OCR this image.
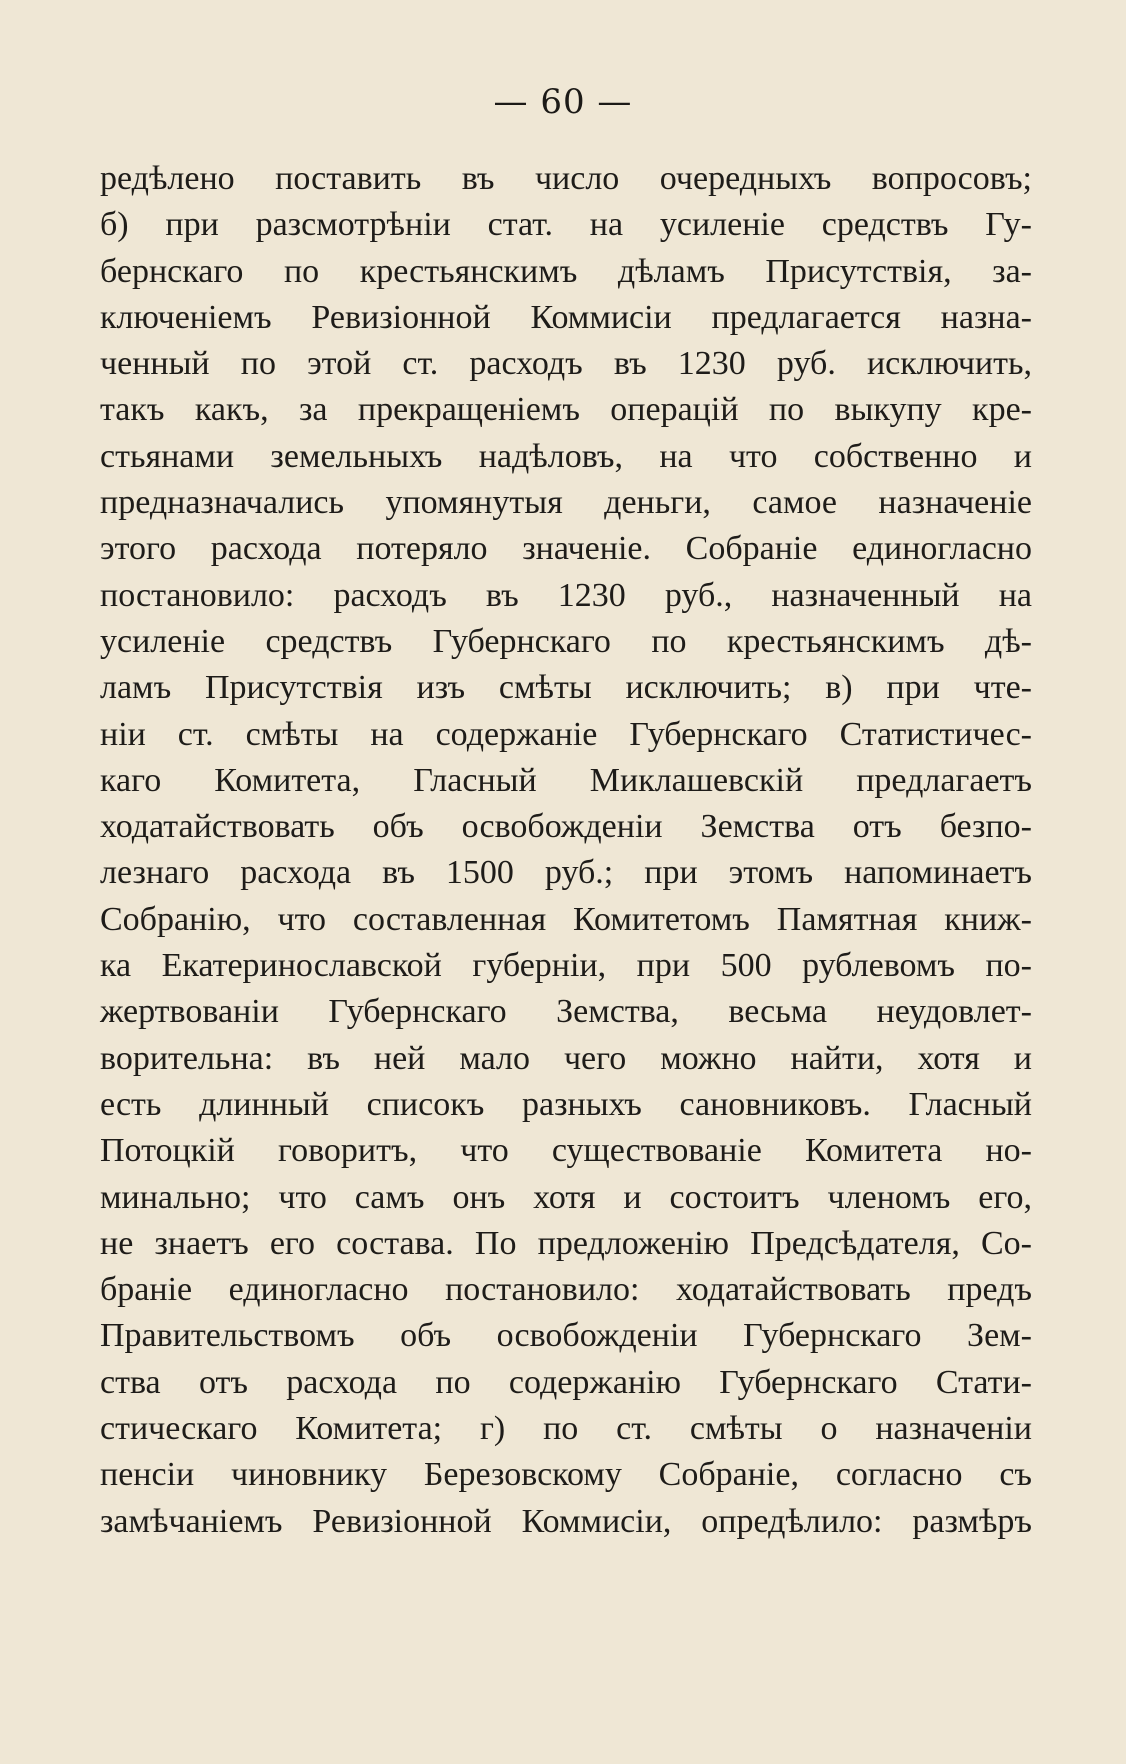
— 60 —
редѣлено поставить въ число очередныхъ вопросовъ;
б) при разсмотрѣніи стат. на усиленіе средствъ Гу-
бернскаго по крестьянскимъ дѣламъ Присутствія, за-
ключеніемъ Ревизіонной Коммисіи предлагается назна-
ченный по этой ст. расходъ въ 1230 руб. исключить,
такъ какъ, за прекращеніемъ операцій по выкупу кре-
стьянами земельныхъ надѣловъ, на что собственно и
предназначались упомянутыя деньги, самое назначеніе
этого расхода потеряло значеніе. Собраніе единогласно
постановило: расходъ въ 1230 руб., назначенный на
усиленіе средствъ Губернскаго по крестьянскимъ дѣ-
ламъ Присутствія изъ смѣты исключить; в) при чте-
ніи ст. смѣты на содержаніе Губернскаго Статистичес-
каго Комитета, Гласный Миклашевскій предлагаетъ
ходатайствовать объ освобожденіи Земства отъ безпо-
лезнаго расхода въ 1500 руб.; при этомъ напоминаетъ
Собранію, что составленная Комитетомъ Памятная книж-
ка Екатеринославской губерніи, при 500 рублевомъ по-
жертвованіи Губернскаго Земства, весьма неудовлет-
ворительна: въ ней мало чего можно найти, хотя и
есть длинный списокъ разныхъ сановниковъ. Гласный
Потоцкій говоритъ, что существованіе Комитета но-
минально; что самъ онъ хотя и состоитъ членомъ его,
не знаетъ его состава. По предложенію Предсѣдателя, Со-
браніе единогласно постановило: ходатайствовать предъ
Правительствомъ объ освобожденіи Губернскаго Зем-
ства отъ расхода по содержанію Губернскаго Стати-
стическаго Комитета; г) по ст. смѣты о назначеніи
пенсіи чиновнику Березовскому Собраніе, согласно съ
замѣчаніемъ Ревизіонной Коммисіи, опредѣлило: размѣръ
